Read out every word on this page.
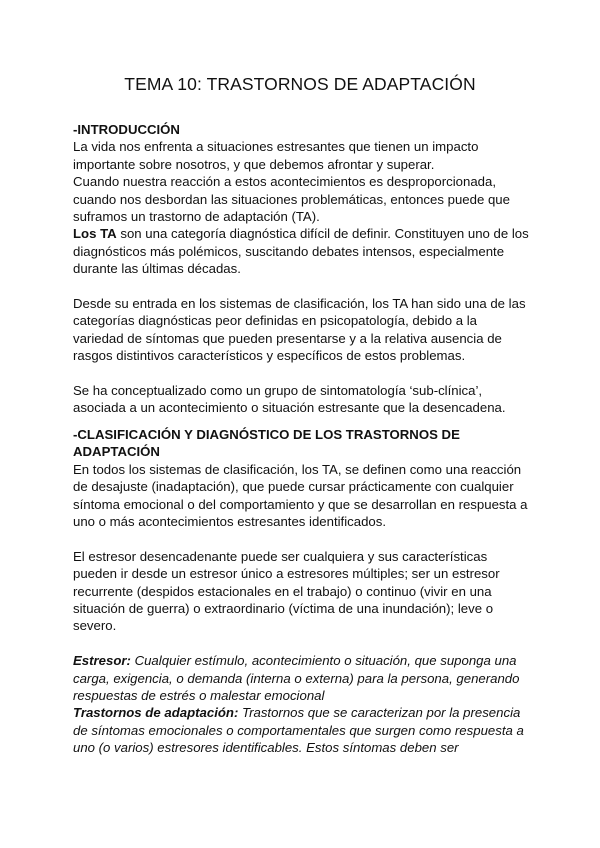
TEMA 10: TRASTORNOS DE ADAPTACIÓN

-INTRODUCCIÓN

La vida nos enfrenta a situaciones estresantes que tienen un impacto

importante sobre nosotros, y que debemos afrontar y superar.

Cuando nuestra reacción a estos acontecimientos es desproporcionada,

cuando nos desbordan las situaciones problemáticas, entonces puede que

suframos un trastorno de adaptación (TA).

Los TA son una categoría diagnóstica difícil de definir. Constituyen uno de los

diagnósticos más polémicos, suscitando debates intensos, especialmente

durante las últimas décadas.

Desde su entrada en los sistemas de clasificación, los TA han sido una de las

categorías diagnósticas peor definidas en psicopatología, debido a la

variedad de síntomas que pueden presentarse y a la relativa ausencia de

rasgos distintivos característicos y específicos de estos problemas.

Se ha conceptualizado como un grupo de sintomatología ‘sub-clínica’,

asociada a un acontecimiento o situación estresante que la desencadena.

-CLASIFICACIÓN Y DIAGNÓSTICO DE LOS TRASTORNOS DE

ADAPTACIÓN

En todos los sistemas de clasificación, los TA, se definen como una reacción

de desajuste (inadaptación), que puede cursar prácticamente con cualquier

síntoma emocional o del comportamiento y que se desarrollan en respuesta a

uno o más acontecimientos estresantes identificados.

El estresor desencadenante puede ser cualquiera y sus características

pueden ir desde un estresor único a estresores múltiples; ser un estresor

recurrente (despidos estacionales en el trabajo) o continuo (vivir en una

situación de guerra) o extraordinario (víctima de una inundación); leve o

severo.

Estresor: Cualquier estímulo, acontecimiento o situación, que suponga una

carga, exigencia, o demanda (interna o externa) para la persona, generando

respuestas de estrés o malestar emocional

Trastornos de adaptación: Trastornos que se caracterizan por la presencia

de síntomas emocionales o comportamentales que surgen como respuesta a

uno (o varios) estresores identificables. Estos síntomas deben ser
